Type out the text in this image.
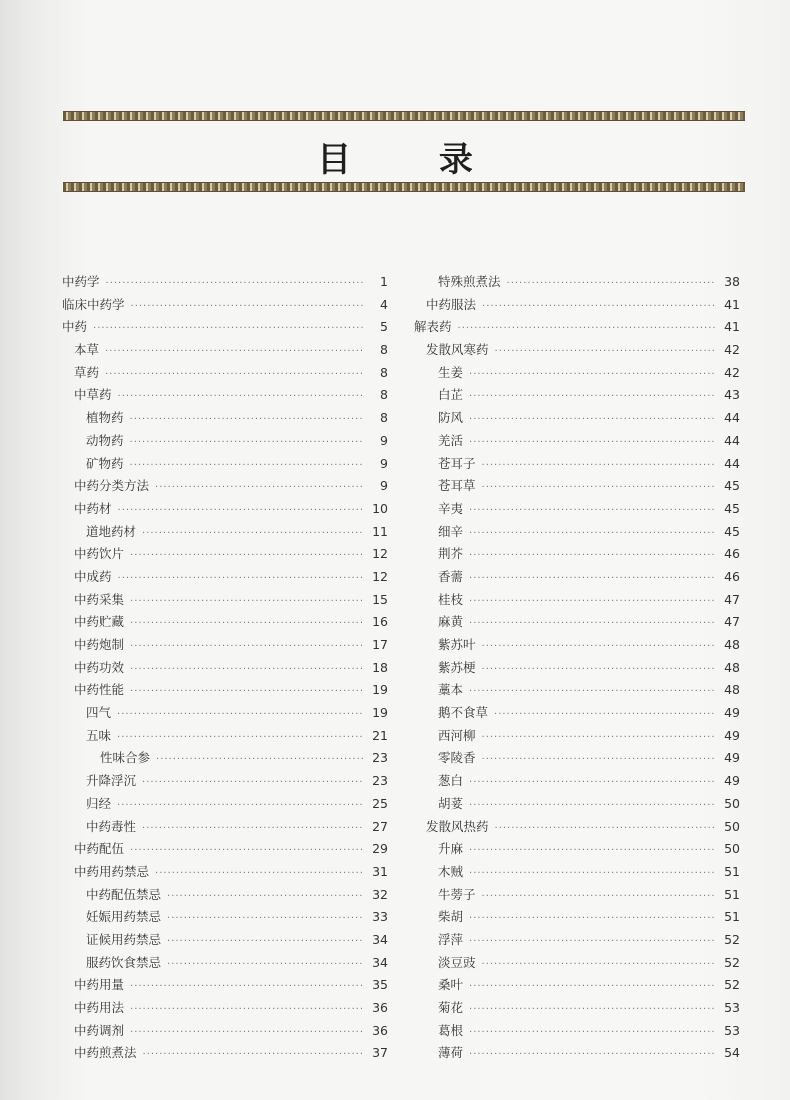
目 录
中药学 ·····	1
临床中药学 ·····	4
中药 ·····	5
本草 ·····	8
草药 ·····	8
中草药 ·····	8
植物药 ·····	8
动物药 ·····	9
矿物药 ·····	9
中药分类方法 ·····	9
中药材 ·····	10
道地药材 ·····	11
中药饮片 ·····	12
中成药 ·····	12
中药采集 ·····	15
中药贮藏 ·····	16
中药炮制 ·····	17
中药功效 ·····	18
中药性能 ·····	19
四气 ·····	19
五味 ·····	21
性味合参 ·····	23
升降浮沉 ·····	23
归经 ·····	25
中药毒性 ·····	27
中药配伍 ·····	29
中药用药禁忌 ·····	31
中药配伍禁忌 ·····	32
妊娠用药禁忌 ·····	33
证候用药禁忌 ·····	34
服药饮食禁忌 ·····	34
中药用量 ·····	35
中药用法 ·····	36
中药调剂 ·····	36
中药煎煮法 ·····	37
特殊煎煮法 ·····	38
中药服法 ·····	41
解表药 ·····	41
发散风寒药 ·····	42
生姜 ·····	42
白芷 ·····	43
防风 ·····	44
羌活 ·····	44
苍耳子 ·····	44
苍耳草 ·····	45
辛夷 ·····	45
细辛 ·····	45
荆芥 ·····	46
香薷 ·····	46
桂枝 ·····	47
麻黄 ·····	47
紫苏叶 ·····	48
紫苏梗 ·····	48
藁本 ·····	48
鹅不食草 ·····	49
西河柳 ·····	49
零陵香 ·····	49
葱白 ·····	49
胡荽 ·····	50
发散风热药 ·····	50
升麻 ·····	50
木贼 ·····	51
牛蒡子 ·····	51
柴胡 ·····	51
浮萍 ·····	52
淡豆豉 ·····	52
桑叶 ·····	52
菊花 ·····	53
葛根 ·····	53
薄荷 ·····	54
